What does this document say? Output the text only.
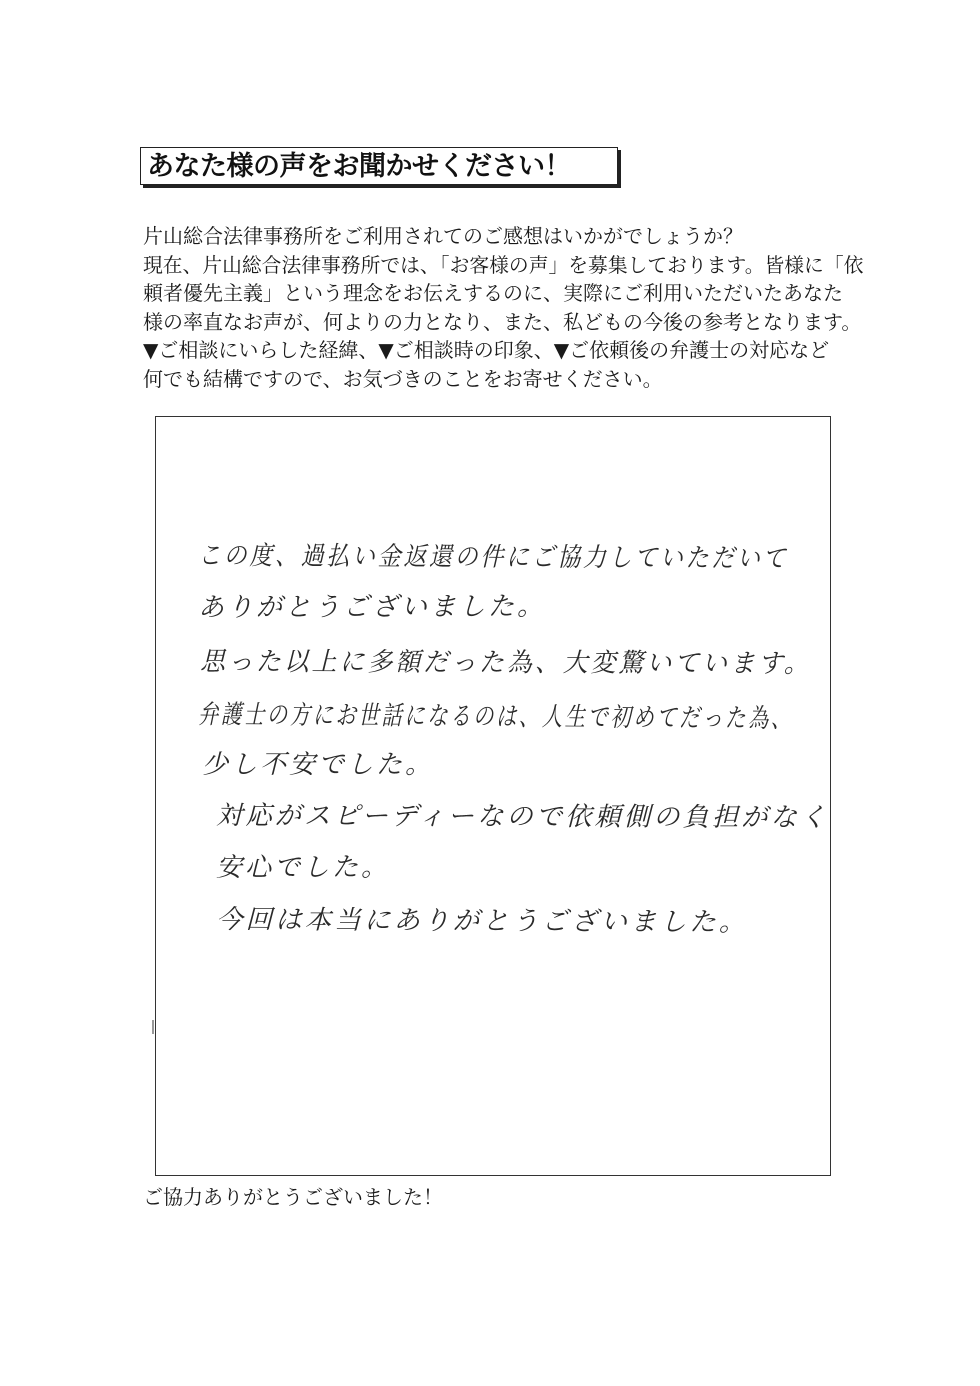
あなた様の声をお聞かせください！
片山総合法律事務所をご利用されてのご感想はいかがでしょうか？
現在、片山総合法律事務所では、「お客様の声」を募集しております。皆様に「依
頼者優先主義」という理念をお伝えするのに、実際にご利用いただいたあなた
様の率直なお声が、何よりの力となり、また、私どもの今後の参考となります。
▼ご相談にいらした経緯、▼ご相談時の印象、▼ご依頼後の弁護士の対応など
何でも結構ですので、お気づきのことをお寄せください。
この度、過払い金返還の件にご協力していただいて
ありがとうございました。
思った以上に多額だった為、大変驚いています。
弁護士の方にお世話になるのは、人生で初めてだった為、
少し不安でした。
対応がスピーディーなので依頼側の負担がなく
安心でした。
今回は本当にありがとうございました。
ご協力ありがとうございました！
